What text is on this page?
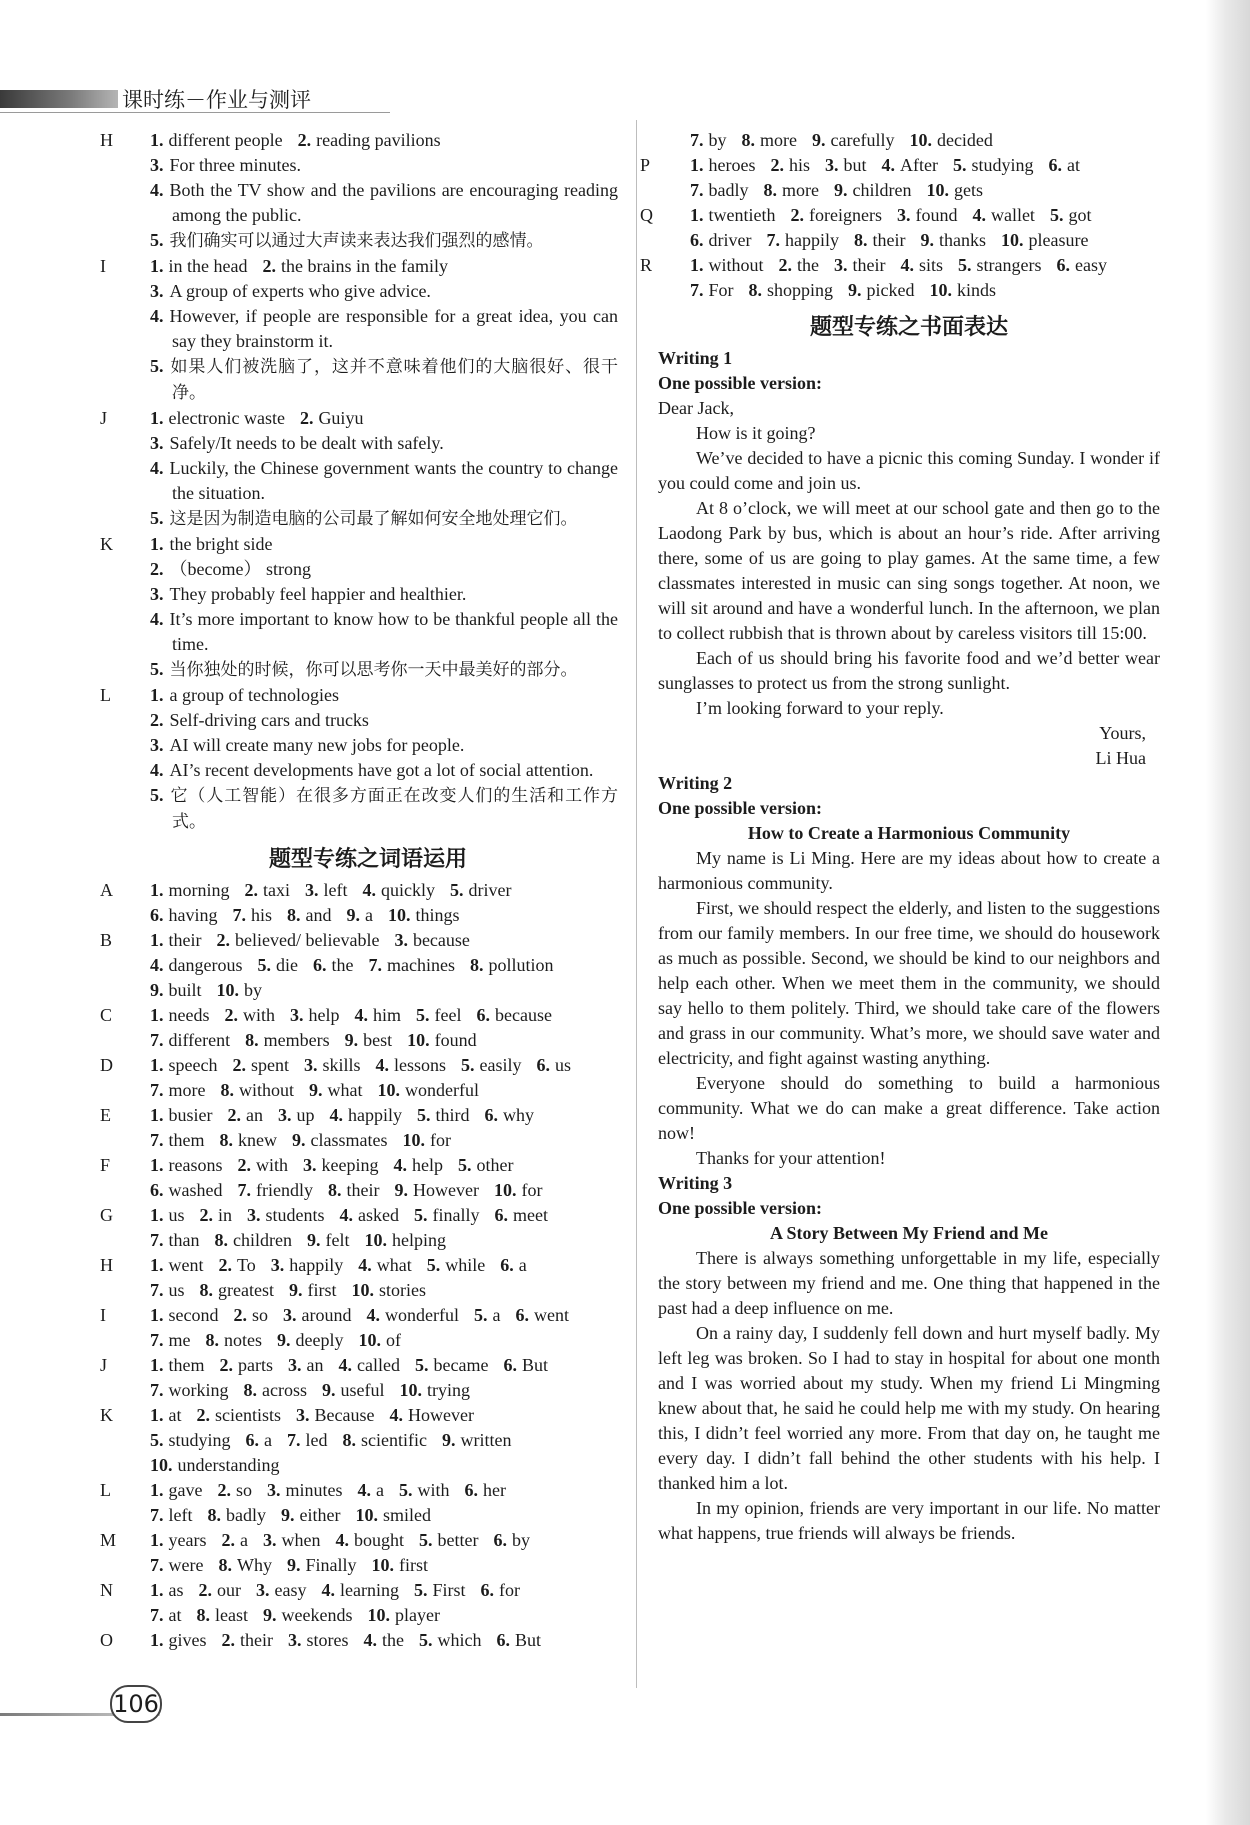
课时练－作业与测评
H	1. different people 2. reading pavilions
3. For three minutes.
4. Both the TV show and the pavilions are encouraging reading among the public.
5. 我们确实可以通过大声读来表达我们强烈的感情。
I	1. in the head 2. the brains in the family
3. A group of experts who give advice.
4. However, if people are responsible for a great idea, you can say they brainstorm it.
5. 如果人们被洗脑了，这并不意味着他们的大脑很好、很干净。
J	1. electronic waste 2. Guiyu
3. Safely/It needs to be dealt with safely.
4. Luckily, the Chinese government wants the country to change the situation.
5. 这是因为制造电脑的公司最了解如何安全地处理它们。
K	1. the bright side
2. （become） strong
3. They probably feel happier and healthier.
4. It’s more important to know how to be thankful people all the time.
5. 当你独处的时候，你可以思考你一天中最美好的部分。
L	1. a group of technologies
2. Self-driving cars and trucks
3. AI will create many new jobs for people.
4. AI’s recent developments have got a lot of social attention.
5. 它（人工智能）在很多方面正在改变人们的生活和工作方式。
题型专练之词语运用
A	1. morning 2. taxi 3. left 4. quickly 5. driver
6. having 7. his 8. and 9. a 10. things
B	1. their 2. believed/ believable 3. because
4. dangerous 5. die 6. the 7. machines 8. pollution
9. built 10. by
C	1. needs 2. with 3. help 4. him 5. feel 6. because
7. different 8. members 9. best 10. found
D	1. speech 2. spent 3. skills 4. lessons 5. easily 6. us
7. more 8. without 9. what 10. wonderful
E	1. busier 2. an 3. up 4. happily 5. third 6. why
7. them 8. knew 9. classmates 10. for
F	1. reasons 2. with 3. keeping 4. help 5. other
6. washed 7. friendly 8. their 9. However 10. for
G	1. us 2. in 3. students 4. asked 5. finally 6. meet
7. than 8. children 9. felt 10. helping
H	1. went 2. To 3. happily 4. what 5. while 6. a
7. us 8. greatest 9. first 10. stories
I	1. second 2. so 3. around 4. wonderful 5. a 6. went
7. me 8. notes 9. deeply 10. of
J	1. them 2. parts 3. an 4. called 5. became 6. But
7. working 8. across 9. useful 10. trying
K	1. at 2. scientists 3. Because 4. However
5. studying 6. a 7. led 8. scientific 9. written
10. understanding
L	1. gave 2. so 3. minutes 4. a 5. with 6. her
7. left 8. badly 9. either 10. smiled
M	1. years 2. a 3. when 4. bought 5. better 6. by
7. were 8. Why 9. Finally 10. first
N	1. as 2. our 3. easy 4. learning 5. First 6. for
7. at 8. least 9. weekends 10. player
O	1. gives 2. their 3. stores 4. the 5. which 6. But
7. by 8. more 9. carefully 10. decided
P	1. heroes 2. his 3. but 4. After 5. studying 6. at
7. badly 8. more 9. children 10. gets
Q	1. twentieth 2. foreigners 3. found 4. wallet 5. got
6. driver 7. happily 8. their 9. thanks 10. pleasure
R	1. without 2. the 3. their 4. sits 5. strangers 6. easy
7. For 8. shopping 9. picked 10. kinds
题型专练之书面表达
Writing 1
One possible version:
Dear Jack,
How is it going?
We’ve decided to have a picnic this coming Sunday. I wonder if you could come and join us.
At 8 o’clock, we will meet at our school gate and then go to the Laodong Park by bus, which is about an hour’s ride. After arriving there, some of us are going to play games. At the same time, a few classmates interested in music can sing songs together. At noon, we will sit around and have a wonderful lunch. In the afternoon, we plan to collect rubbish that is thrown about by careless visitors till 15:00.
Each of us should bring his favorite food and we’d better wear sunglasses to protect us from the strong sunlight.
I’m looking forward to your reply.
Yours,
Li Hua
Writing 2
One possible version:
How to Create a Harmonious Community
My name is Li Ming. Here are my ideas about how to create a harmonious community.
First, we should respect the elderly, and listen to the suggestions from our family members. In our free time, we should do housework as much as possible. Second, we should be kind to our neighbors and help each other. When we meet them in the community, we should say hello to them politely. Third, we should take care of the flowers and grass in our community. What’s more, we should save water and electricity, and fight against wasting anything.
Everyone should do something to build a harmonious community. What we do can make a great difference. Take action now!
Thanks for your attention!
Writing 3
One possible version:
A Story Between My Friend and Me
There is always something unforgettable in my life, especially the story between my friend and me. One thing that happened in the past had a deep influence on me.
On a rainy day, I suddenly fell down and hurt myself badly. My left leg was broken. So I had to stay in hospital for about one month and I was worried about my study. When my friend Li Mingming knew about that, he said he could help me with my study. On hearing this, I didn’t feel worried any more. From that day on, he taught me every day. I didn’t fall behind the other students with his help. I thanked him a lot.
In my opinion, friends are very important in our life. No matter what happens, true friends will always be friends.
106
